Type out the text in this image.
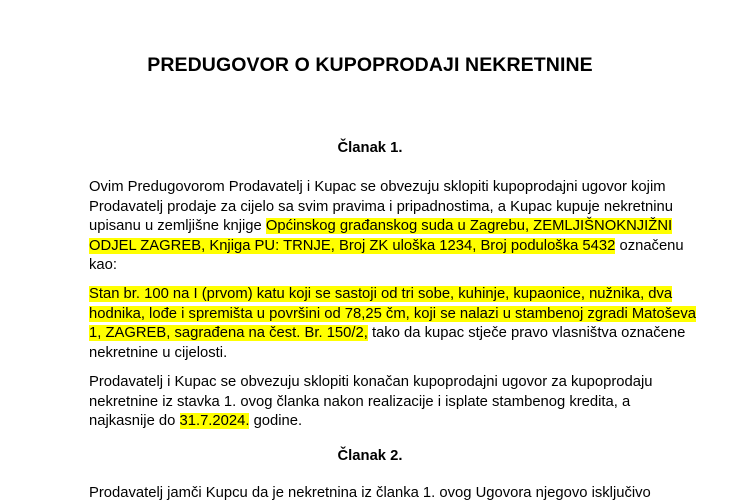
PREDUGOVOR O KUPOPRODAJI NEKRETNINE
Članak 1.
Ovim Predugovorom Prodavatelj i Kupac se obvezuju sklopiti kupoprodajni ugovor kojim
Prodavatelj prodaje za cijelo sa svim pravima i pripadnostima, a Kupac kupuje nekretninu
upisanu u zemljišne knjige Općinskog građanskog suda u Zagrebu, ZEMLJIŠNOKNJIŽNI
ODJEL ZAGREB, Knjiga PU: TRNJE, Broj ZK uloška 1234, Broj poduloška 5432 označenu
kao:
Stan br. 100 na I (prvom) katu koji se sastoji od tri sobe, kuhinje, kupaonice, nužnika, dva
hodnika, lođe i spremišta u površini od 78,25 čm, koji se nalazi u stambenoj zgradi Matoševa
1, ZAGREB, sagrađena na čest. Br. 150/2, tako da kupac stječe pravo vlasništva označene
nekretnine u cijelosti.
Prodavatelj i Kupac se obvezuju sklopiti konačan kupoprodajni ugovor za kupoprodaju
nekretnine iz stavka 1. ovog članka nakon realizacije i isplate stambenog kredita, a
najkasnije do 31.7.2024. godine.
Članak 2.
Prodavatelj jamči Kupcu da je nekretnina iz članka 1. ovog Ugovora njegovo isključivo
